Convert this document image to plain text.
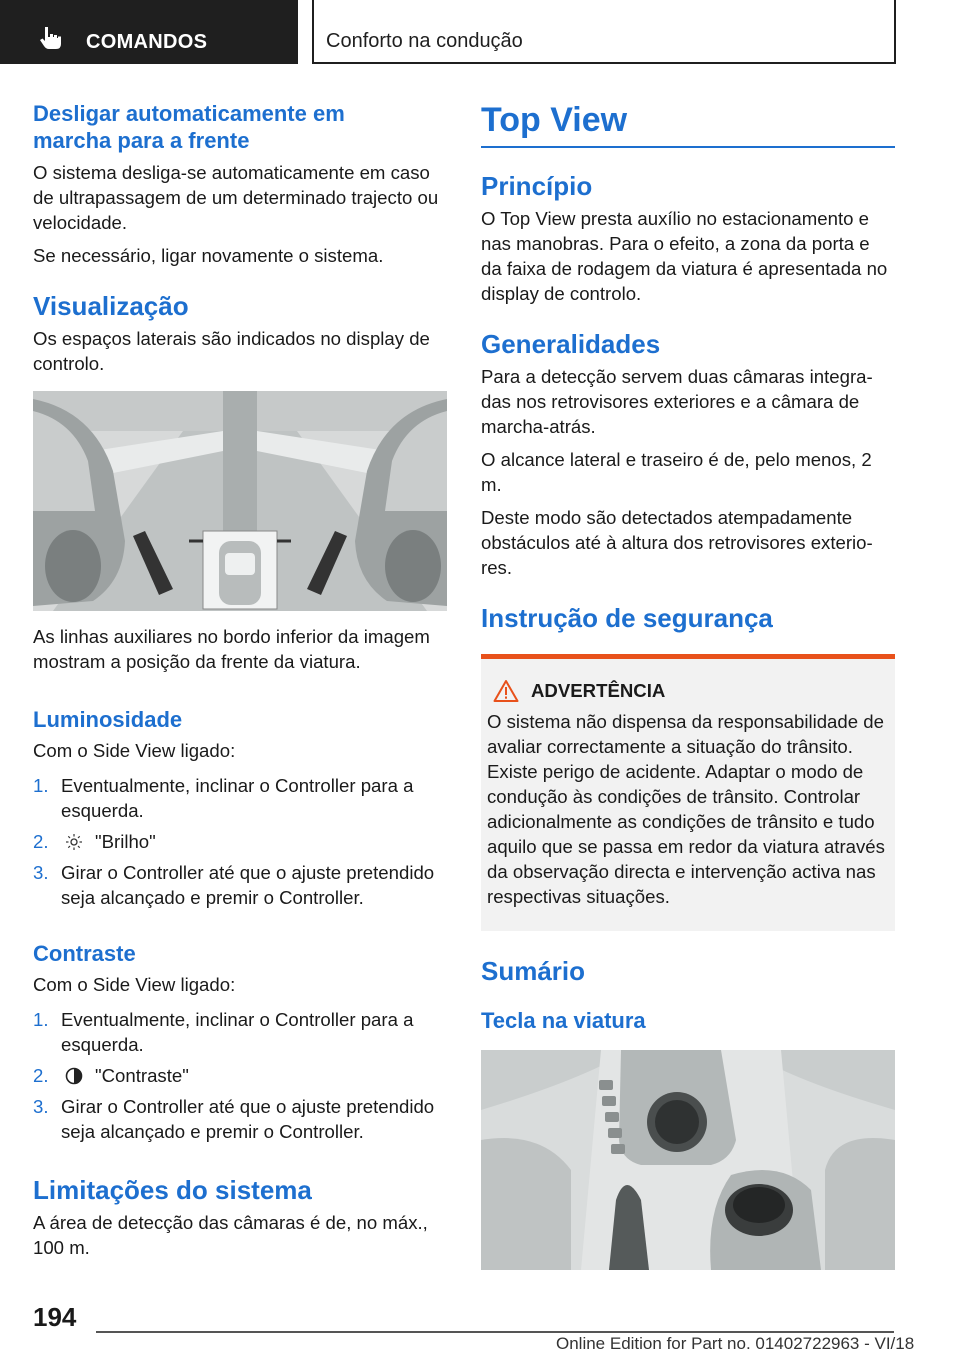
COMANDOS	Conforto na condução
Desligar automaticamente em marcha para a frente

O sistema desliga-se automaticamente em caso de ultrapassagem de um determinado trajecto ou velocidade.

Se necessário, ligar novamente o sistema.

Visualização

Os espaços laterais são indicados no display de controlo.

As linhas auxiliares no bordo inferior da imagem mostram a posição da frente da viatura.

Luminosidade

Com o Side View ligado:

1. Eventualmente, inclinar o Controller para a esquerda.
2. "Brilho"
3. Girar o Controller até que o ajuste pretendido seja alcançado e premir o Controller.
Contraste

Com o Side View ligado:

1. Eventualmente, inclinar o Controller para a esquerda.
2. "Contraste"
3. Girar o Controller até que o ajuste pretendido seja alcançado e premir o Controller.
Limitações do sistema

A área de detecção das câmaras é de, no máx., 100 m.

Top View
Princípio

O Top View presta auxílio no estacionamento e nas manobras. Para o efeito, a zona da porta e da faixa de rodagem da viatura é apresentada no display de controlo.

Generalidades

Para a detecção servem duas câmaras integra-das nos retrovisores exteriores e a câmara de marcha-atrás.

O alcance lateral e traseiro é de, pelo menos, 2 m.

Deste modo são detectados atempadamente obstáculos até à altura dos retrovisores exterio-res.

Instrução de segurança
ADVERTÊNCIA

O sistema não dispensa da responsabilidade de avaliar correctamente a situação do trânsito. Existe perigo de acidente. Adaptar o modo de condução às condições de trânsito. Controlar adicionalmente as condições de trânsito e tudo aquilo que se passa em redor da viatura através da observação directa e intervenção activa nas respectivas situações.

Sumário
Tecla na viatura
194
Online Edition for Part no. 01402722963 - VI/18
